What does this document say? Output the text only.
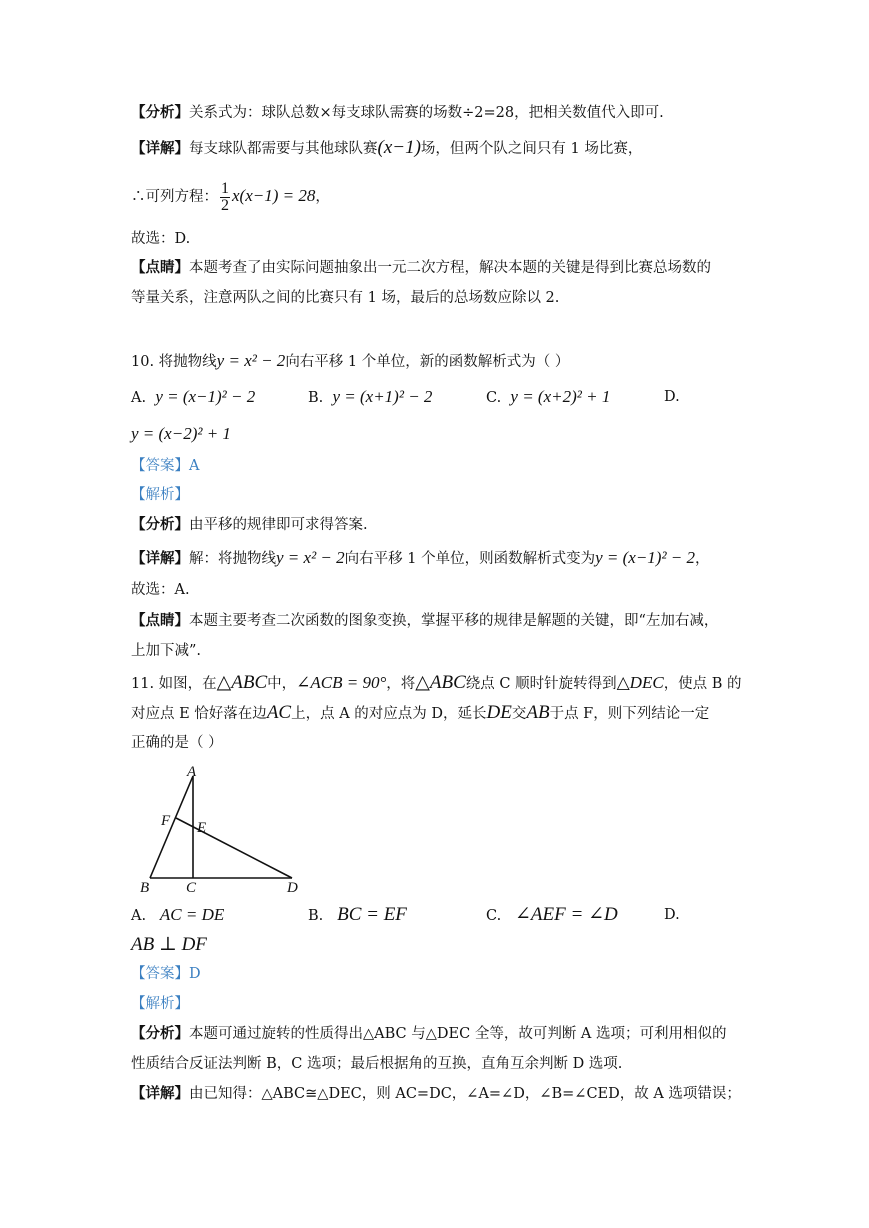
【分析】关系式为：球队总数×每支球队需赛的场数÷2=28，把相关数值代入即可.
【详解】每支球队都需要与其他球队赛(x−1)场，但两个队之间只有 1 场比赛，
∴可列方程： $\frac{1}{2} x(x-1) = 28$，
故选：D.
【点睛】本题考查了由实际问题抽象出一元二次方程，解决本题的关键是得到比赛总场数的
等量关系，注意两队之间的比赛只有 1 场，最后的总场数应除以 2.
10. 将抛物线y = x² − 2向右平移 1 个单位，新的函数解析式为（ ）
A. y = (x−1)² − 2	B. y = (x+1)² − 2	C. y = (x+2)² + 1	D.
y = (x−2)² + 1
【答案】A
【解析】
【分析】由平移的规律即可求得答案.
【详解】解：将抛物线y = x² − 2向右平移 1 个单位，则函数解析式变为y = (x−1)² − 2，
故选：A.
【点睛】本题主要考查二次函数的图象变换，掌握平移的规律是解题的关键，即“左加右减，
上加下减”.
11. 如图，在△ABC中，∠ACB = 90°，将△ABC绕点 C 顺时针旋转得到△DEC，使点 B 的
对应点 E 恰好落在边AC上，点 A 的对应点为 D，延长DE交AB于点 F，则下列结论一定
正确的是（ ）
A
F E
B C	D
A. AC = DE	B. BC = EF	C. ∠AEF = ∠D	D.
AB ⊥ DF
【答案】D
【解析】
【分析】本题可通过旋转的性质得出△ABC 与△DEC 全等，故可判断 A 选项；可利用相似的
性质结合反证法判断 B，C 选项；最后根据角的互换，直角互余判断 D 选项.
【详解】由已知得：△ABC≅△DEC，则 AC=DC，∠A=∠D，∠B=∠CED，故 A 选项错误；
